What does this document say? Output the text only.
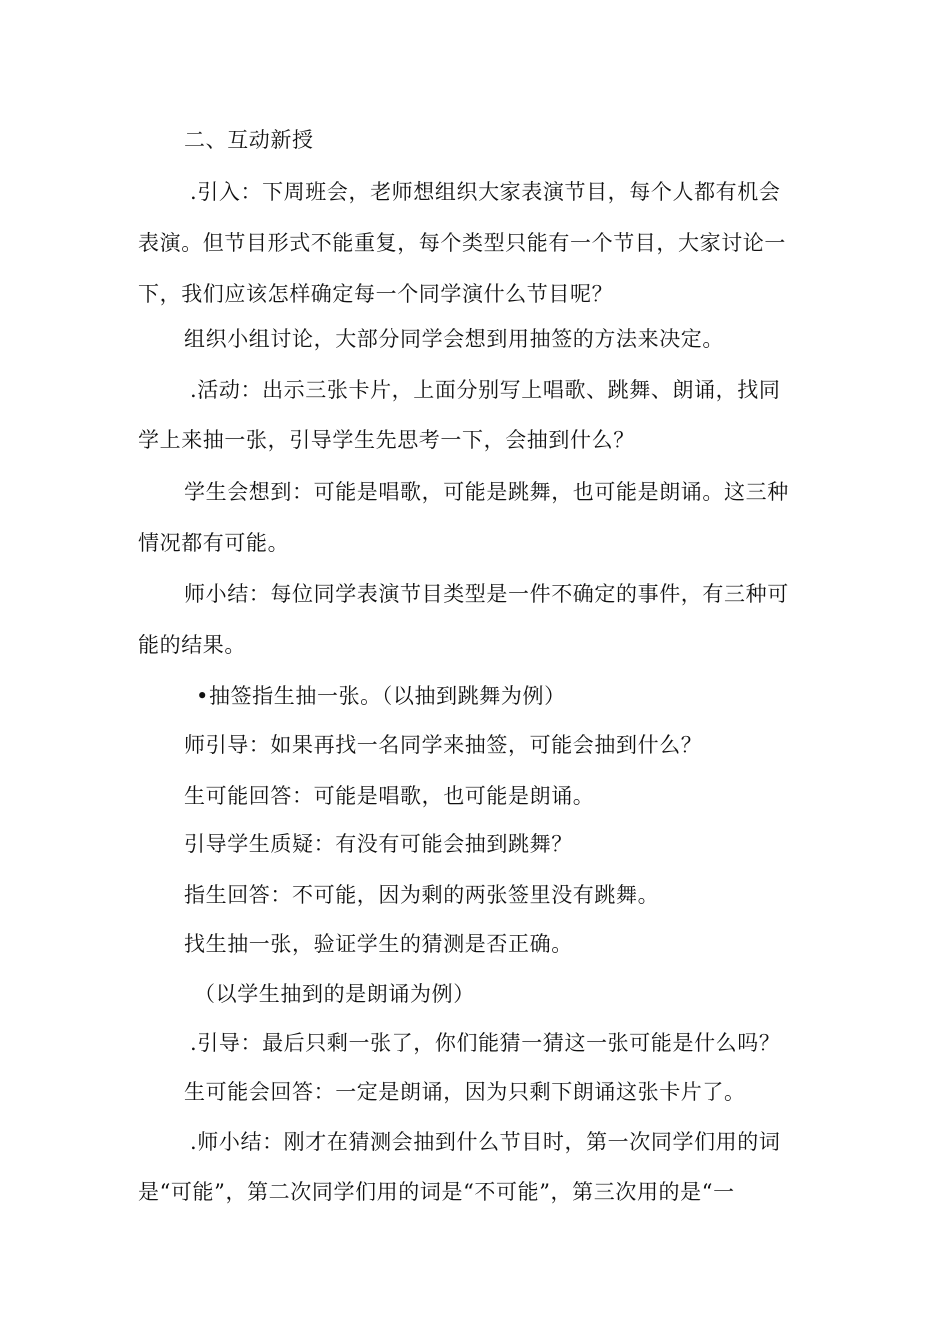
二、互动新授
.引入：下周班会，老师想组织大家表演节目，每个人都有机会
表演。但节目形式不能重复，每个类型只能有一个节目，大家讨论一
下，我们应该怎样确定每一个同学演什么节目呢？
组织小组讨论，大部分同学会想到用抽签的方法来决定。
.活动：出示三张卡片，上面分别写上唱歌、跳舞、朗诵，找同
学上来抽一张，引导学生先思考一下，会抽到什么？
学生会想到：可能是唱歌，可能是跳舞，也可能是朗诵。这三种
情况都有可能。
师小结：每位同学表演节目类型是一件不确定的事件，有三种可
能的结果。
•抽签指生抽一张。（以抽到跳舞为例）
师引导：如果再找一名同学来抽签，可能会抽到什么？
生可能回答：可能是唱歌，也可能是朗诵。
引导学生质疑：有没有可能会抽到跳舞？
指生回答：不可能，因为剩的两张签里没有跳舞。
找生抽一张，验证学生的猜测是否正确。
（以学生抽到的是朗诵为例）
.引导：最后只剩一张了，你们能猜一猜这一张可能是什么吗？
生可能会回答：一定是朗诵，因为只剩下朗诵这张卡片了。
.师小结：刚才在猜测会抽到什么节目时，第一次同学们用的词
是“可能”，第二次同学们用的词是“不可能”，第三次用的是“一
